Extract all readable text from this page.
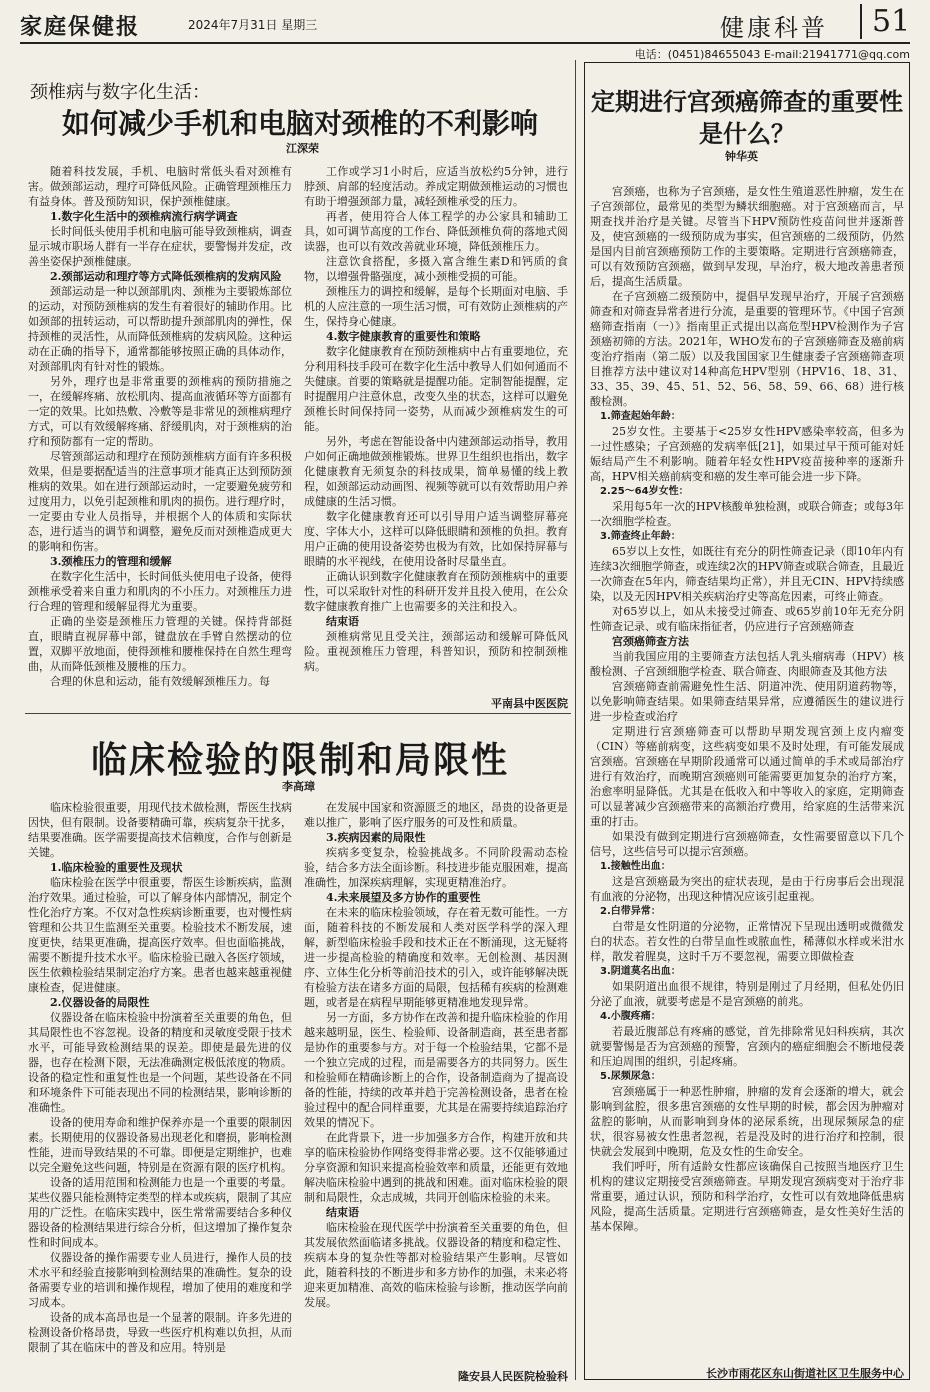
家庭保健报	2024年7月31日 星期三	健康科普	51
电话：(0451)84655043 E-mail:21941771@qq.com
颈椎病与数字化生活：
如何减少手机和电脑对颈椎的不利影响
江深荣
随着科技发展，手机、电脑时常低头看对颈椎有害。做颈部运动，理疗可降低风险。正确管理颈椎压力有益身体。普及预防知识，保护颈椎健康。
1.数字化生活中的颈椎病流行病学调查
长时间低头使用手机和电脑可能导致颈椎病，调查显示城市职场人群有一半存在症状，要警惕并发症，改善坐姿保护颈椎健康。
2.颈部运动和理疗等方式降低颈椎病的发病风险
颈部运动是一种以颈部肌肉、颈椎为主要锻炼部位的运动，对预防颈椎病的发生有着很好的辅助作用。比如颈部的扭转运动，可以帮助提升颈部肌肉的弹性，保持颈椎的灵活性，从而降低颈椎病的发病风险。这种运动在正确的指导下，通常都能够按照正确的具体动作，对颈部肌肉有针对性的锻炼。
另外，理疗也是非常重要的颈椎病的预防措施之一，在缓解疼痛、放松肌肉、提高血液循环等方面都有一定的效果。比如热敷、冷敷等是非常见的颈椎病理疗方式，可以有效缓解疼痛、舒缓肌肉，对于颈椎病的治疗和预防都有一定的帮助。
尽管颈部运动和理疗在预防颈椎病方面有许多积极效果，但是要据配适当的注意事项才能真正达到预防颈椎病的效果。如在进行颈部运动时，一定要避免疲劳和过度用力，以免引起颈椎和肌肉的损伤。进行理疗时，一定要由专业人员指导，并根据个人的体质和实际状态，进行适当的调节和调整，避免反而对颈椎造成更大的影响和伤害。
3.颈椎压力的管理和缓解
在数字化生活中，长时间低头使用电子设备，使得颈椎承受着来自重力和肌肉的不小压力。对颈椎压力进行合理的管理和缓解显得尤为重要。
正确的坐姿是颈椎压力管理的关键。保持背部挺直，眼睛直视屏幕中部，键盘放在手臂自然摆动的位置，双脚平放地面，使得颈椎和腰椎保持在自然生理弯曲，从而降低颈椎及腰椎的压力。
合理的休息和运动，能有效缓解颈椎压力。每
工作或学习1小时后，应适当放松约5分钟，进行脖颈、肩部的轻度活动。养成定期做颈椎运动的习惯也有助于增强颈部力量，减轻颈椎承受的压力。
再者，使用符合人体工程学的办公家具和辅助工具，如可调节高度的工作台、降低颈椎负荷的落地式阅读器，也可以有效改善就业环境，降低颈椎压力。
注意饮食搭配，多摄入富含维生素D和钙质的食物，以增强骨骼强度，减小颈椎受损的可能。
颈椎压力的调控和缓解，是每个长期面对电脑、手机的人应注意的一项生活习惯，可有效防止颈椎病的产生，保持身心健康。
4.数字健康教育的重要性和策略
数字化健康教育在预防颈椎病中占有重要地位，充分利用科技手段可在数字化生活中教导人们如何通而不失健康。首要的策略就是提醒功能。定制智能提醒，定时提醒用户注意休息，改变久坐的状态，这样可以避免颈椎长时间保持同一姿势，从而减少颈椎病发生的可能。
另外，考虑在智能设备中内建颈部运动指导，教用户如何正确地做颈椎锻炼。世界卫生组织也指出，数字化健康教育无须复杂的科技成果，简单易懂的线上教程，如颈部运动动画图、视频等就可以有效帮助用户养成健康的生活习惯。
数字化健康教育还可以引导用户适当调整屏幕亮度、字体大小，这样可以降低眼睛和颈椎的负担。教育用户正确的使用设备姿势也极为有效，比如保持屏幕与眼睛的水平视线，在使用设备时尽量坐直。
正确认识到数字化健康教育在预防颈椎病中的重要性，可以采取针对性的科研开发并且投入使用，在公众数字健康教育推广上也需要多的关注和投入。
结束语
颈椎病常见且受关注，颈部运动和缓解可降低风险。重视颈椎压力管理，科普知识，预防和控制颈椎病。
平南县中医医院
临床检验的限制和局限性
李高璋
临床检验很重要，用现代技术做检测，帮医生找病因快，但有限制。设备要精确可靠，疾病复杂干扰多，结果要准确。医学需要提高技术信赖度，合作与创新是关键。
1.临床检验的重要性及现状
临床检验在医学中很重要，帮医生诊断疾病，监测治疗效果。通过检验，可以了解身体内部情况，制定个性化治疗方案。不仅对急性疾病诊断重要，也对慢性病管理和公共卫生监测至关重要。检验技术不断发展，速度更快，结果更准确，提高医疗效率。但也面临挑战，需要不断提升技术水平。临床检验已融入各医疗领域，医生依赖检验结果制定治疗方案。患者也越来越重视健康检查，促进健康。
2.仪器设备的局限性
仪器设备在临床检验中扮演着至关重要的角色，但其局限性也不容忽视。设备的精度和灵敏度受限于技术水平，可能导致检测结果的误差。即使是最先进的仪器，也存在检测下限，无法准确测定极低浓度的物质。设备的稳定性和重复性也是一个问题，某些设备在不同和环境条件下可能表现出不同的检测结果，影响诊断的准确性。
设备的使用寿命和维护保养亦是一个重要的限制因素。长期使用的仪器设备易出现老化和磨损，影响检测性能，进而导致结果的不可靠。即便是定期维护，也难以完全避免这些问题，特别是在资源有限的医疗机构。
设备的适用范围和检测能力也是一个重要的考量。某些仪器只能检测特定类型的样本或疾病，限制了其应用的广泛性。在临床实践中，医生常常需要结合多种仪器设备的检测结果进行综合分析，但这增加了操作复杂性和时间成本。
仪器设备的操作需要专业人员进行，操作人员的技术水平和经验直接影响到检测结果的准确性。复杂的设备需要专业的培训和操作规程，增加了使用的难度和学习成本。
设备的成本高昂也是一个显著的限制。许多先进的检测设备价格昂贵，导致一些医疗机构难以负担，从而限制了其在临床中的普及和应用。特别是
在发展中国家和资源匮乏的地区，昂贵的设备更是难以推广，影响了医疗服务的可及性和质量。
3.疾病因素的局限性
疾病多变复杂，检验挑战多。不同阶段需动态检验，结合多方法全面诊断。科技进步能克服困难，提高准确性，加深疾病理解，实现更精准治疗。
4.未来展望及多方协作的重要性
在未来的临床检验领域，存在着无数可能性。一方面，随着科技的不断发展和人类对医学科学的深入理解，新型临床检验手段和技术正在不断涌现，这无疑将进一步提高检验的精确度和效率。无创检测、基因测序、立体生化分析等前沿技术的引入，或许能够解决既有检验方法在诸多方面的局限，包括稀有疾病的检测难题，或者是在病程早期能够更精准地发现异常。
另一方面，多方协作在改善和提升临床检验的作用越来越明显，医生、检验师、设备制造商，甚至患者都是协作的重要参与方。对于每一个检验结果，它都不是一个独立完成的过程，而是需要各方的共同努力。医生和检验师在精确诊断上的合作，设备制造商为了提高设备的性能，持续的改革并趋于完善检测设备，患者在检验过程中的配合同样重要，尤其是在需要持续追踪治疗效果的情况下。
在此背景下，进一步加强多方合作，构建开放和共享的临床检验协作网络变得非常必要。这不仅能够通过分享资源和知识来提高检验效率和质量，还能更有效地解决临床检验中遇到的挑战和困难。面对临床检验的限制和局限性，众志成城，共同开创临床检验的未来。
结束语
临床检验在现代医学中扮演着至关重要的角色，但其发展依然面临诸多挑战。仪器设备的精度和稳定性、疾病本身的复杂性等都对检验结果产生影响。尽管如此，随着科技的不断进步和多方协作的加强，未来必将迎来更加精准、高效的临床检验与诊断，推动医学向前发展。
隆安县人民医院检验科
定期进行宫颈癌筛查的重要性是什么？
钟华英
宫颈癌，也称为子宫颈癌，是女性生殖道恶性肿瘤，发生在子宫颈部位，最常见的类型为鳞状细胞癌。对于宫颈癌而言，早期查找并治疗是关键。尽管当下HPV预防性疫苗问世并逐渐普及，使宫颈癌的一级预防成为事实，但宫颈癌的二级预防，仍然是国内目前宫颈癌预防工作的主要策略。定期进行宫颈癌筛查，可以有效预防宫颈癌，做到早发现，早治疗，极大地改善患者预后，提高生活质量。
在子宫颈癌二级预防中，提倡早发现早治疗，开展子宫颈癌筛查和对筛查异常者进行分流，是重要的管理环节。《中国子宫颈癌筛查指南（一）》指南里正式提出以高危型HPV检测作为子宫颈癌初筛的方法。2021年，WHO发布的子宫颈癌筛查及癌前病变治疗指南（第二版）以及我国国家卫生健康委子宫颈癌筛查项目推荐方法中建议对14种高危HPV型别（HPV16、18、31、33、35、39、45、51、52、56、58、59、66、68）进行核酸检测。
1.筛查起始年龄：
25岁女性。主要基于<25岁女性HPV感染率较高，但多为一过性感染；子宫颈癌的发病率低[21]，如果过早干预可能对妊娠结局产生不利影响。随着年轻女性HPV疫苗接种率的逐渐升高，HPV相关癌前病变和癌的发生率可能会进一步下降。
2.25～64岁女性：
采用每5年一次的HPV核酸单独检测，或联合筛查；或每3年一次细胞学检查。
3.筛查终止年龄：
65岁以上女性，如既往有充分的阴性筛查记录（即10年内有连续3次细胞学筛查，或连续2次的HPV筛查或联合筛查，且最近一次筛查在5年内，筛查结果均正常），并且无CIN、HPV持续感染，以及无因HPV相关疾病治疗史等高危因素，可终止筛查。
对65岁以上，如从未接受过筛查、或65岁前10年无充分阴性筛查记录、或有临床指征者，仍应进行子宫颈癌筛查
宫颈癌筛查方法
当前我国应用的主要筛查方法包括人乳头瘤病毒（HPV）核酸检测、子宫颈细胞学检查、联合筛查、肉眼筛查及其他方法
宫颈癌筛查前需避免性生活、阴道冲洗、使用阴道药物等，以免影响筛查结果。如果筛查结果异常，应遵循医生的建议进行进一步检查或治疗
定期进行宫颈癌筛查可以帮助早期发现宫颈上皮内瘤变（CIN）等癌前病变，这些病变如果不及时处理，有可能发展成宫颈癌。宫颈癌在早期阶段通常可以通过简单的手术或局部治疗进行有效治疗，而晚期宫颈癌则可能需要更加复杂的治疗方案，治愈率明显降低。尤其是在低收入和中等收入的家庭，定期筛查可以显著减少宫颈癌带来的高额治疗费用，给家庭的生活带来沉重的打击。
如果没有做到定期进行宫颈癌筛查，女性需要留意以下几个信号，这些信号可以提示宫颈癌。
1.接触性出血：
这是宫颈癌最为突出的症状表现，是由于行房事后会出现混有血液的分泌物，出现这种情况应该引起重视。
2.白带异常：
白带是女性阴道的分泌物，正常情况下呈现出透明或微微发白的状态。若女性的白带呈血性或脓血性，稀薄似水样或米泔水样，散发着腥臭，这时千万不要忽视，需要立即做检查
3.阴道莫名出血：
如果阴道出血很不规律，特别是刚过了月经期，但私处仍旧分泌了血液，就要考虑是不是宫颈癌的前兆。
4.小腹疼痛：
若最近腹部总有疼痛的感觉，首先排除常见妇科疾病，其次就要警惕是否为宫颈癌的预警，宫颈内的癌症细胞会不断地侵袭和压迫周围的组织，引起疼痛。
5.尿频尿急：
宫颈癌属于一种恶性肿瘤，肿瘤的发育会逐渐的增大，就会影响到盆腔，很多患宫颈癌的女性早期的时候，都会因为肿瘤对盆腔的影响，从而影响到身体的泌尿系统，出现尿频尿急的症状，很容易被女性患者忽视，若是没及时的进行治疗和控制，很快就会发展到中晚期，危及女性的生命安全。
我们呼吁，所有适龄女性都应该确保自己按照当地医疗卫生机构的建议定期接受宫颈癌筛查。早期发现宫颈病变对于治疗非常重要，通过认识，预防和科学治疗，女性可以有效地降低患病风险，提高生活质量。定期进行宫颈癌筛查，是女性美好生活的基本保障。
长沙市雨花区东山街道社区卫生服务中心
